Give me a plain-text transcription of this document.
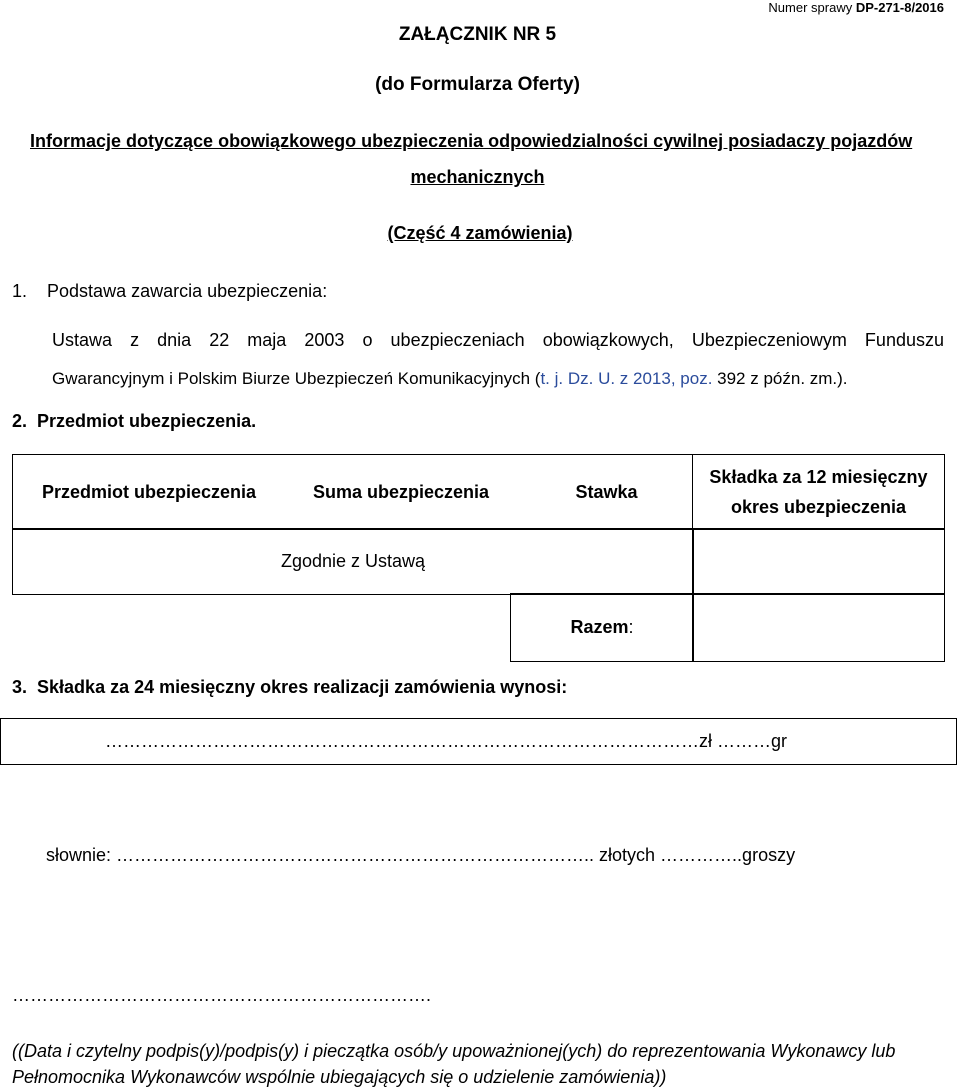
Numer sprawy DP-271-8/2016
ZAŁĄCZNIK NR 5
(do Formularza Oferty)
Informacje dotyczące obowiązkowego ubezpieczenia odpowiedzialności cywilnej posiadaczy pojazdów
mechanicznych
(Część 4 zamówienia)
1. Podstawa zawarcia ubezpieczenia:
Ustawa z dnia 22 maja 2003 o ubezpieczeniach obowiązkowych, Ubezpieczeniowym Funduszu
Gwarancyjnym i Polskim Biurze Ubezpieczeń Komunikacyjnych (t. j. Dz. U. z 2013, poz. 392 z późn. zm.).
2. Przedmiot ubezpieczenia.
Przedmiot ubezpieczenia	Suma ubezpieczenia	Stawka
Składka za 12 miesięczny okres ubezpieczenia
Zgodnie z Ustawą
Razem :
3. Składka za 24 miesięczny okres realizacji zamówienia wynosi:
………………………………………………………………………………………zł ………gr
słownie: …………………………………………………………………….. złotych …………..groszy
…………………………………………………………….
((Data i czytelny podpis(y)/podpis(y) i pieczątka osób/y upoważnionej(ych) do reprezentowania Wykonawcy lub Pełnomocnika Wykonawców wspólnie ubiegających się o udzielenie zamówienia))
